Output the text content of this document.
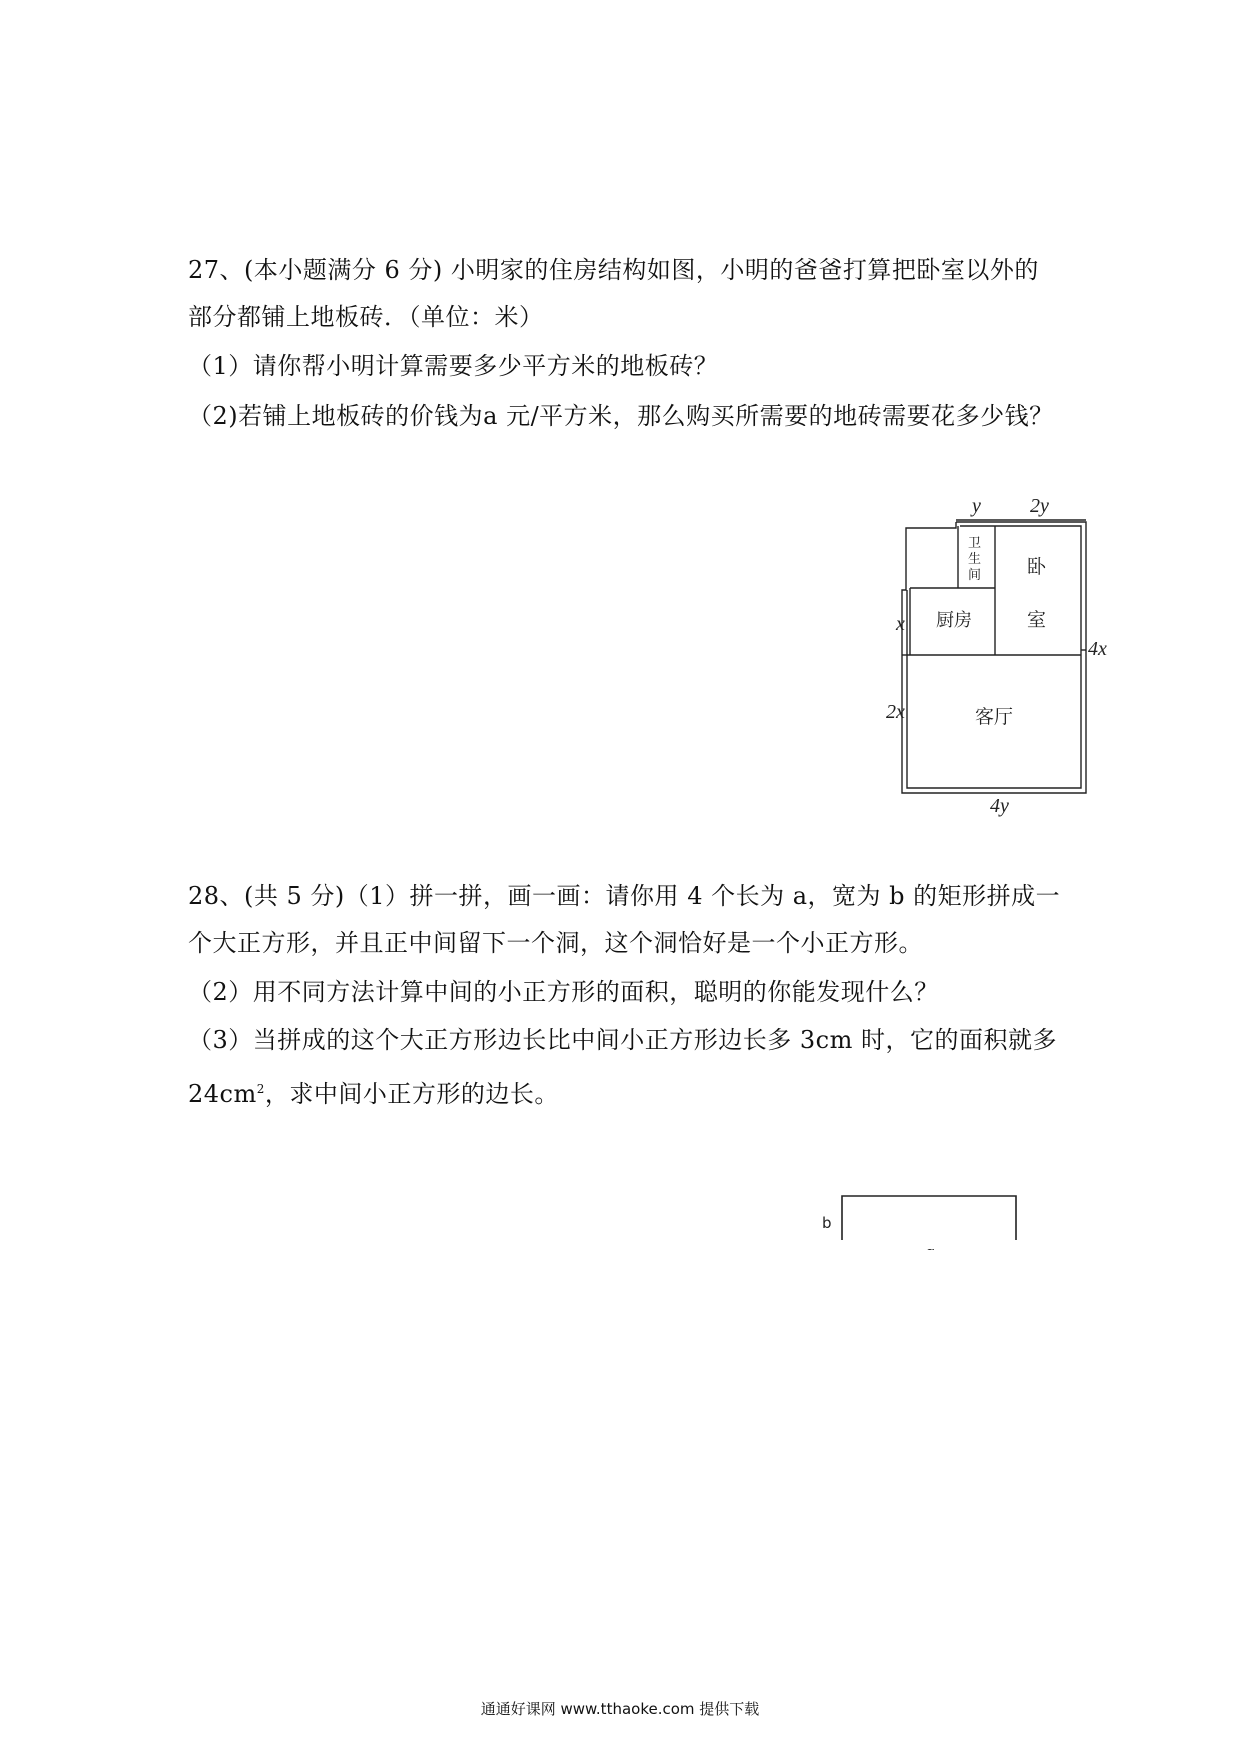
27、(本小题满分 6 分) 小明家的住房结构如图，小明的爸爸打算把卧室以外的
部分都铺上地板砖．（单位：米）
（1）请你帮小明计算需要多少平方米的地板砖？
（2)若铺上地板砖的价钱为a 元/平方米，那么购买所需要的地砖需要花多少钱？
y 2y
x
2x
4x
4y
卫
生
间 卧
室
厨房
客厅
b
28、(共 5 分)（1）拼一拼，画一画：请你用 4 个长为 a，宽为 b 的矩形拼成一
个大正方形，并且正中间留下一个洞，这个洞恰好是一个小正方形。
（2）用不同方法计算中间的小正方形的面积，聪明的你能发现什么？
（3）当拼成的这个大正方形边长比中间小正方形边长多 3cm 时，它的面积就多
$24cm^2$，求中间小正方形的边长。
通通好课网 www.tthaoke.com 提供下载
